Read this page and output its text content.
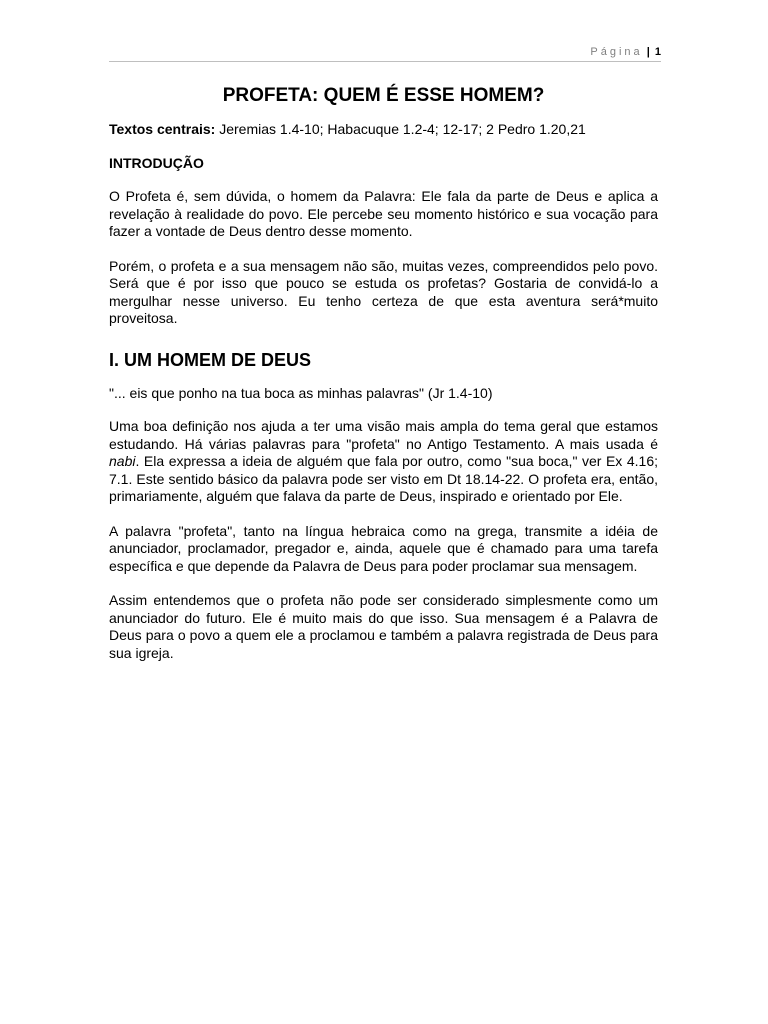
Página | 1
PROFETA: QUEM É ESSE HOMEM?
Textos centrais: Jeremias 1.4-10; Habacuque 1.2-4; 12-17; 2 Pedro 1.20,21
INTRODUÇÃO

O Profeta é, sem dúvida, o homem da Palavra: Ele fala da parte de Deus e aplica a revelação à realidade do povo. Ele percebe seu momento histórico e sua vocação para fazer a vontade de Deus dentro desse momento.

Porém, o profeta e a sua mensagem não são, muitas vezes, compreendidos pelo povo. Será que é por isso que pouco se estuda os profetas? Gostaria de convidá-lo a mergulhar nesse universo. Eu tenho certeza de que esta aventura será*muito proveitosa.

I. UM HOMEM DE DEUS
"... eis que ponho na tua boca as minhas palavras" (Jr 1.4-10)

Uma boa definição nos ajuda a ter uma visão mais ampla do tema geral que estamos estudando. Há várias palavras para "profeta" no Antigo Testamento. A mais usada é nabi. Ela expressa a ideia de alguém que fala por outro, como "sua boca," ver Ex 4.16; 7.1. Este sentido básico da palavra pode ser visto em Dt 18.14-22. O profeta era, então, primariamente, alguém que falava da parte de Deus, inspirado e orientado por Ele.

A palavra "profeta", tanto na língua hebraica como na grega, transmite a idéia de anunciador, proclamador, pregador e, ainda, aquele que é chamado para uma tarefa específica e que depende da Palavra de Deus para poder proclamar sua mensagem.

Assim entendemos que o profeta não pode ser considerado simplesmente como um anunciador do futuro. Ele é muito mais do que isso. Sua mensagem é a Palavra de Deus para o povo a quem ele a proclamou e também a palavra registrada de Deus para sua igreja.
